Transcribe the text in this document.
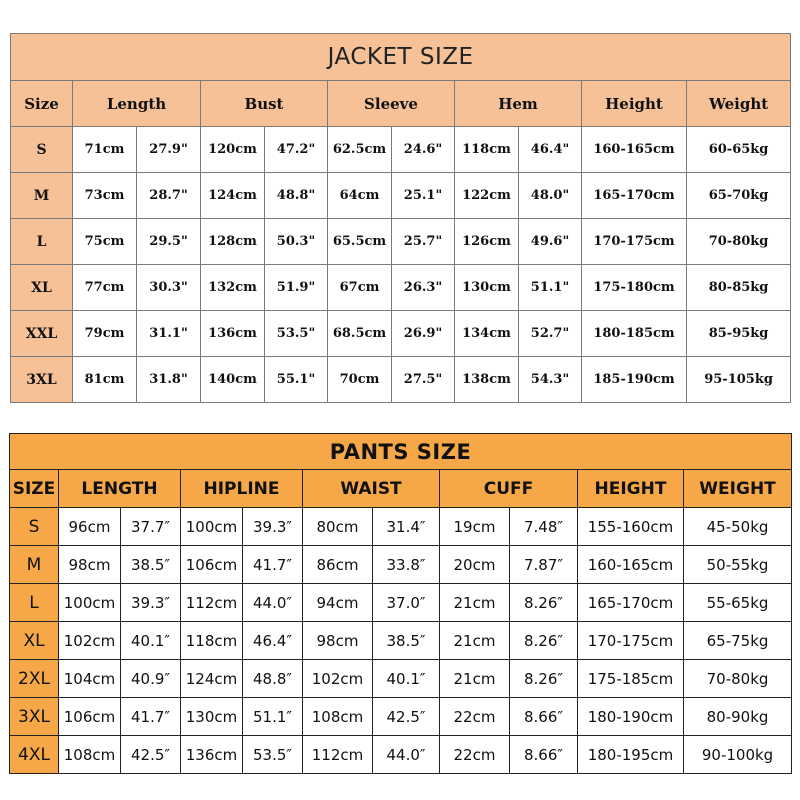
JACKET SIZE										
Size	Length		Bust		Sleeve		Hem		Height	Weight
S	71cm	27.9"	120cm	47.2"	62.5cm	24.6"	118cm	46.4"	160-165cm	60-65kg
M	73cm	28.7"	124cm	48.8"	64cm	25.1"	122cm	48.0"	165-170cm	65-70kg
L	75cm	29.5"	128cm	50.3"	65.5cm	25.7"	126cm	49.6"	170-175cm	70-80kg
XL	77cm	30.3"	132cm	51.9"	67cm	26.3"	130cm	51.1"	175-180cm	80-85kg
XXL	79cm	31.1"	136cm	53.5"	68.5cm	26.9"	134cm	52.7"	180-185cm	85-95kg
3XL	81cm	31.8"	140cm	55.1"	70cm	27.5"	138cm	54.3"	185-190cm	95-105kg
PANTS SIZE										
SIZE	LENGTH		HIPLINE		WAIST		CUFF		HEIGHT	WEIGHT
S	96cm	37.7″	100cm	39.3″	80cm	31.4″	19cm	7.48″	155-160cm	45-50kg
M	98cm	38.5″	106cm	41.7″	86cm	33.8″	20cm	7.87″	160-165cm	50-55kg
L	100cm	39.3″	112cm	44.0″	94cm	37.0″	21cm	8.26″	165-170cm	55-65kg
XL	102cm	40.1″	118cm	46.4″	98cm	38.5″	21cm	8.26″	170-175cm	65-75kg
2XL	104cm	40.9″	124cm	48.8″	102cm	40.1″	21cm	8.26″	175-185cm	70-80kg
3XL	106cm	41.7″	130cm	51.1″	108cm	42.5″	22cm	8.66″	180-190cm	80-90kg
4XL	108cm	42.5″	136cm	53.5″	112cm	44.0″	22cm	8.66″	180-195cm	90-100kg
